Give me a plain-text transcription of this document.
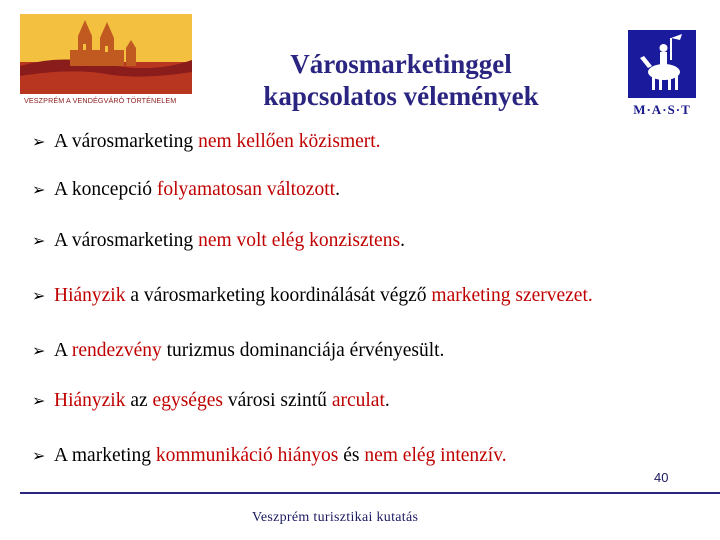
VESZPRÉM A VENDÉGVÁRÓ TÖRTÉNELEM
Városmarketinggel
kapcsolatos vélemények	M·A·S·T
➢ A városmarketing nem kellően közismert.
➢ A koncepció folyamatosan változott.
➢ A városmarketing nem volt elég konzisztens.
➢ Hiányzik a városmarketing koordinálását végző marketing szervezet.
➢ A rendezvény turizmus dominanciája érvényesült.
➢ Hiányzik az egységes városi szintű arculat.
➢ A marketing kommunikáció hiányos és nem elég intenzív.
40
Veszprém turisztikai kutatás
